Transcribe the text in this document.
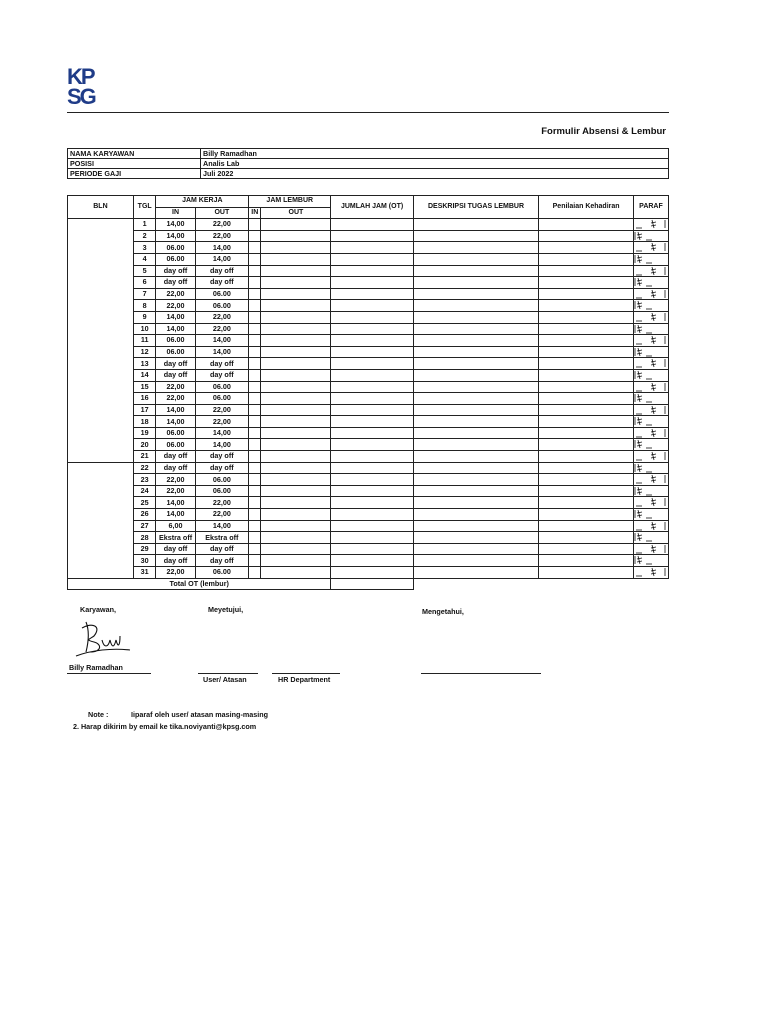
KP
SG
Formulir Absensi & Lembur
NAMA KARYAWAN	Billy Ramadhan
POSISI	Analis Lab
PERIODE GAJI	Juli 2022
BLN	TGL	JAM KERJA		JAM LEMBUR		JUMLAH JAM (OT)	DESKRIPSI TUGAS LEMBUR	Penilaian Kehadiran	PARAF
		IN	OUT	IN	OUT				
	1	14,00	22,00						

	2	14,00	22,00						

	3	06.00	14,00						

	4	06.00	14,00						

	5	day off	day off						

	6	day off	day off						

	7	22,00	06.00						

	8	22,00	06.00						

	9	14,00	22,00						

	10	14,00	22,00						

	11	06.00	14,00						

	12	06.00	14,00						

	13	day off	day off						

	14	day off	day off						

	15	22,00	06.00						

	16	22,00	06.00						

	17	14,00	22,00						

	18	14,00	22,00						

	19	06.00	14,00						

	20	06.00	14,00						

	21	day off	day off						

	22	day off	day off						

	23	22,00	06.00						

	24	22,00	06.00						

	25	14,00	22,00						

	26	14,00	22,00						

	27	6,00	14,00						

	28	Ekstra off	Ekstra off						

	29	day off	day off						

	30	day off	day off						

	31	22,00	06.00						

Total OT (lembur)									
Karyawan,	Meyetujui,	Mengetahui,
Billy Ramadhan
User/ Atasan	HR Department
Note :	Iiparaf oleh user/ atasan masing-masing
2. Harap dikirim by email ke tika.noviyanti@kpsg.com
